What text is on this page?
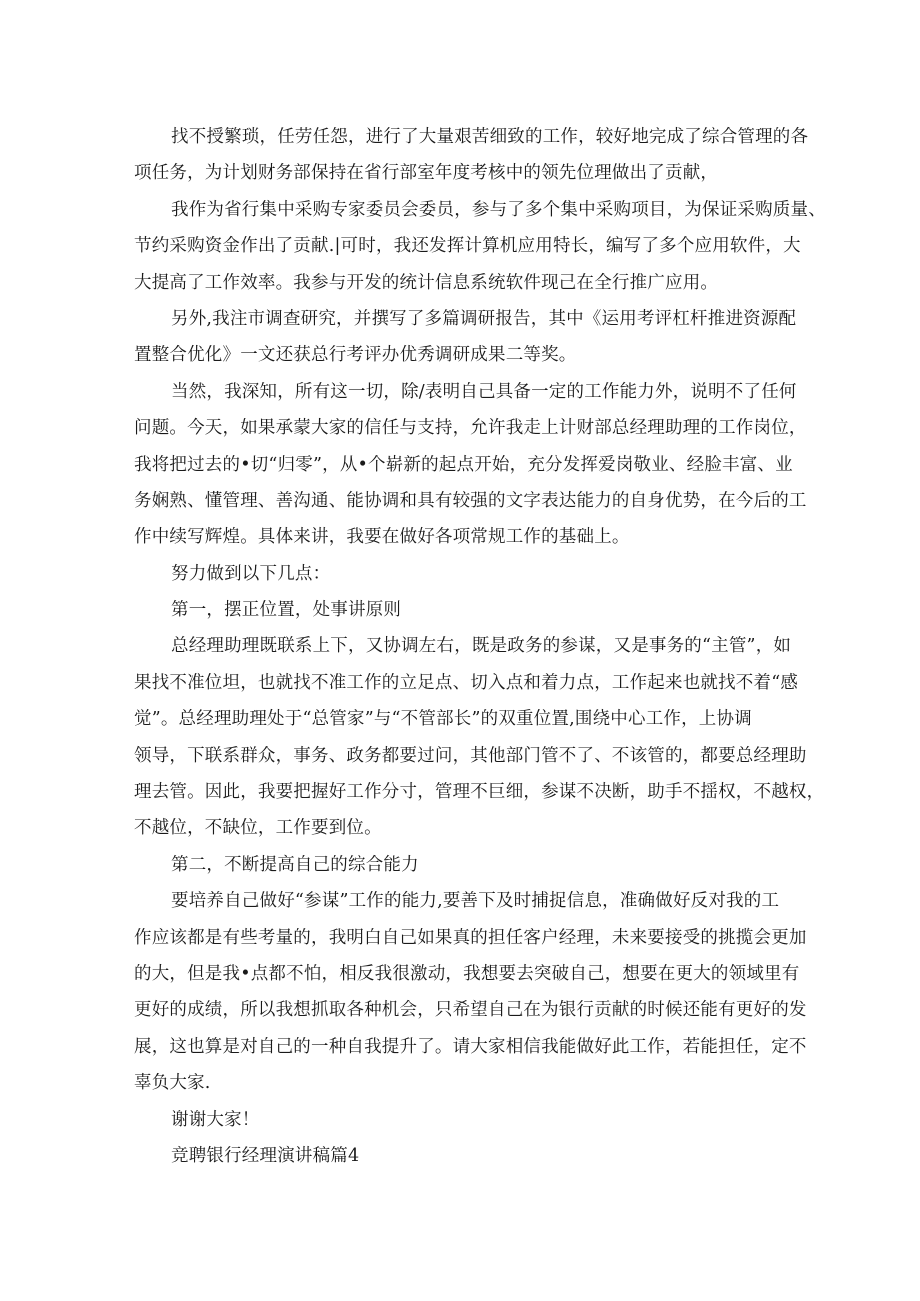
找不授繁琐，任劳任怨，进行了大量艰苦细致的工作，较好地完成了综合管理的各
项任务，为计划财务部保持在省行部室年度考核中的领先位理做出了贡献，
我作为省行集中采购专家委员会委员，参与了多个集中采购项目，为保证采购质量、
节约采购资金作出了贡献.|可时，我还发挥计算机应用特长，编写了多个应用软件，大
大提高了工作效率。我参与开发的统计信息系统软件现己在全行推广应用。
另外,我注市调查研究，并撰写了多篇调研报告，其中《运用考评杠杆推进资源配
置整合优化》一文还获总行考评办优秀调研成果二等奖。
当然，我深知，所有这一切，除/表明自己具备一定的工作能力外，说明不了任何
问题。今天，如果承蒙大家的信任与支持，允许我走上计财部总经理助理的工作岗位，
我将把过去的•切“归零”，从•个崭新的起点开始，充分发挥爱岗敬业、经脸丰富、业
务娴熟、懂管理、善沟通、能协调和具有较强的文字表达能力的自身优势，在今后的工
作中续写辉煌。具体来讲，我要在做好各项常规工作的基础上。
努力做到以下几点：
第一，摆正位置，处事讲原则
总经理助理既联系上下，又协调左右，既是政务的参谋，又是事务的“主管”，如
果找不准位坦，也就找不准工作的立足点、切入点和着力点，工作起来也就找不着“感
觉”。总经理助理处于“总管家”与“不管部长”的双重位置,围绕中心工作，上协调
领导，下联系群众，事务、政务都要过问，其他部门管不了、不该管的，都要总经理助
理去管。因此，我要把握好工作分寸，管理不巨细，参谋不决断，助手不揺权，不越权，
不越位，不缺位，工作要到位。
第二，不断提高自己的综合能力
要培养自己做好“参谋”工作的能力,要善下及时捕捉信息，准确做好反对我的工
作应该都是有些考量的，我明白自己如果真的担任客户经理，未来要接受的挑揽会更加
的大，但是我•点都不怕，相反我很激动，我想要去突破自己，想要在更大的领域里有
更好的成绩，所以我想抓取各种机会，只希望自己在为银行贡献的时候还能有更好的发
展，这也算是对自己的一种自我提升了。请大家相信我能做好此工作，若能担任，定不
辜负大家.
谢谢大家！
竞聘银行经理演讲稿篇4
